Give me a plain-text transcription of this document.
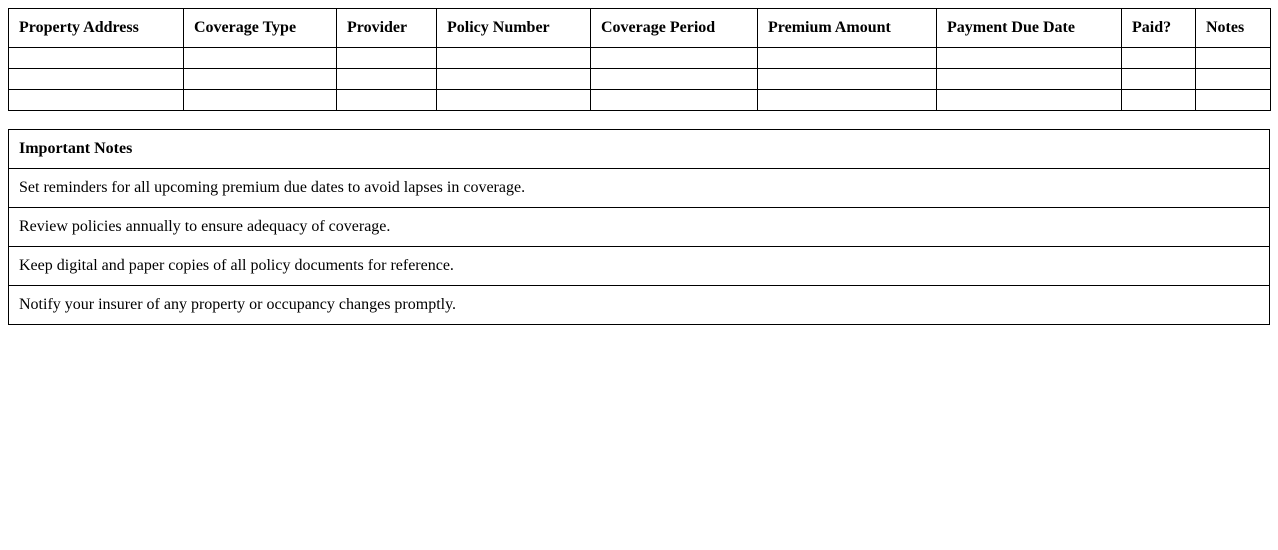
Property Address	Coverage Type	Provider	Policy Number	Coverage Period	Premium Amount	Payment Due Date	Paid?	Notes

Important Notes
Set reminders for all upcoming premium due dates to avoid lapses in coverage.
Review policies annually to ensure adequacy of coverage.
Keep digital and paper copies of all policy documents for reference.
Notify your insurer of any property or occupancy changes promptly.
